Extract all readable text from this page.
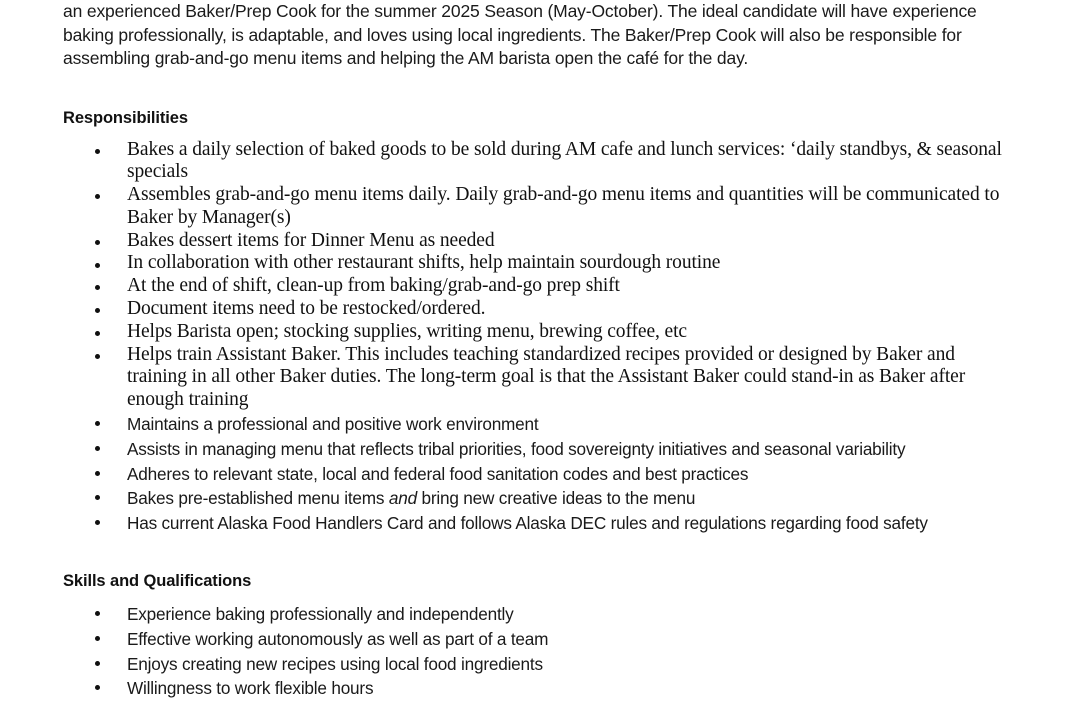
an experienced Baker/Prep Cook for the summer 2025 Season (May-October). The ideal candidate will have experience baking professionally, is adaptable, and loves using local ingredients. The Baker/Prep Cook will also be responsible for assembling grab-and-go menu items and helping the AM barista open the café for the day.

Responsibilities
Bakes a daily selection of baked goods to be sold during AM cafe and lunch services: ‘daily standbys, & seasonal
specials
Assembles grab-and-go menu items daily. Daily grab-and-go menu items and quantities will be communicated to
Baker by Manager(s)
Bakes dessert items for Dinner Menu as needed
In collaboration with other restaurant shifts, help maintain sourdough routine
At the end of shift, clean-up from baking/grab-and-go prep shift
Document items need to be restocked/ordered.
Helps Barista open; stocking supplies, writing menu, brewing coffee, etc
Helps train Assistant Baker. This includes teaching standardized recipes provided or designed by Baker and
training in all other Baker duties. The long-term goal is that the Assistant Baker could stand-in as Baker after
enough training
Maintains a professional and positive work environment
Assists in managing menu that reflects tribal priorities, food sovereignty initiatives and seasonal variability
Adheres to relevant state, local and federal food sanitation codes and best practices
Bakes pre-established menu items and bring new creative ideas to the menu
Has current Alaska Food Handlers Card and follows Alaska DEC rules and regulations regarding food safety
Skills and Qualifications
Experience baking professionally and independently
Effective working autonomously as well as part of a team
Enjoys creating new recipes using local food ingredients
Willingness to work flexible hours
